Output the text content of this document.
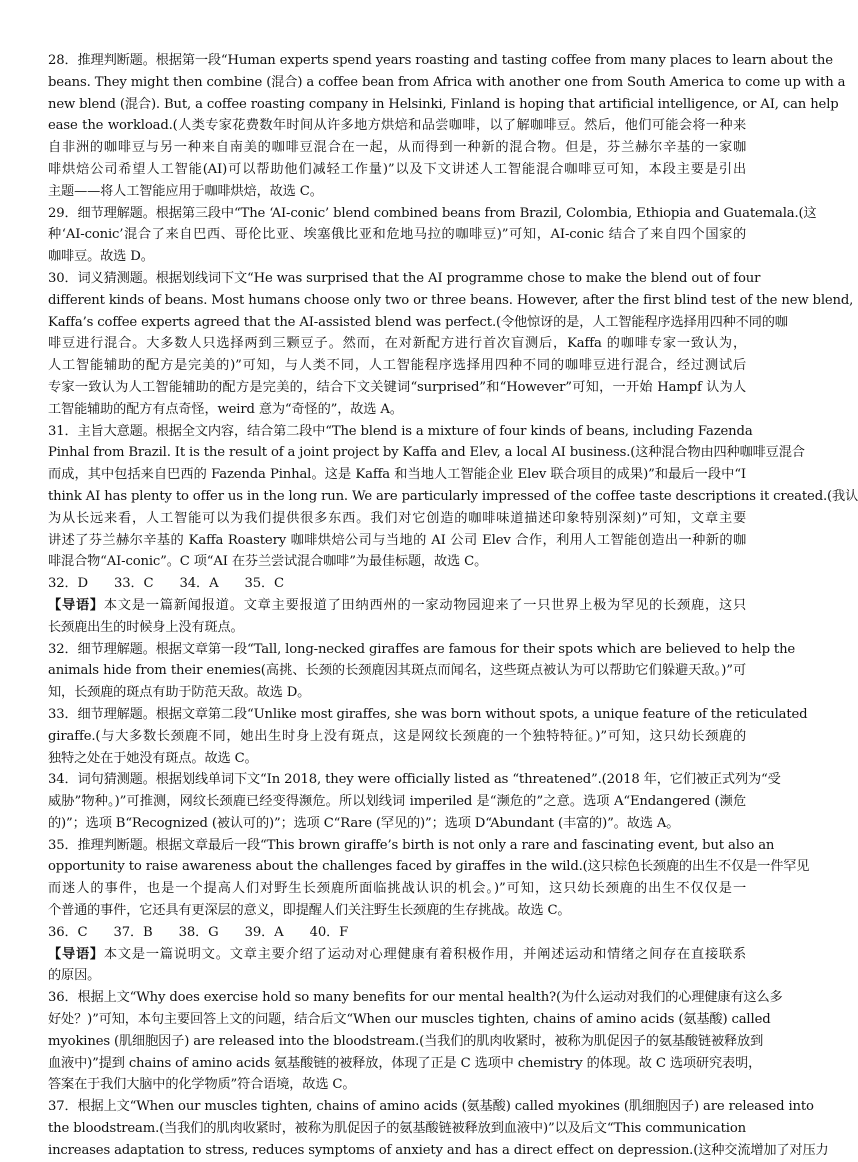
28．推理判断题。根据第一段“Human experts spend years roasting and tasting coffee from many places to learn about the
beans. They might then combine (混合) a coffee bean from Africa with another one from South America to come up with a
new blend (混合). But, a coffee roasting company in Helsinki, Finland is hoping that artificial intelligence, or AI, can help
ease the workload.(人类专家花费数年时间从许多地方烘焙和品尝咖啡，以了解咖啡豆。然后，他们可能会将一种来
自非洲的咖啡豆与另一种来自南美的咖啡豆混合在一起，从而得到一种新的混合物。但是，芬兰赫尔辛基的一家咖
啡烘焙公司希望人工智能(AI)可以帮助他们减轻工作量)”以及下文讲述人工智能混合咖啡豆可知，本段主要是引出
主题——将人工智能应用于咖啡烘焙，故选 C。
29．细节理解题。根据第三段中“The ‘AI-conic’ blend combined beans from Brazil, Colombia, Ethiopia and Guatemala.(这
种‘AI-conic’混合了来自巴西、哥伦比亚、埃塞俄比亚和危地马拉的咖啡豆)”可知，AI-conic 结合了来自四个国家的
咖啡豆。故选 D。
30．词义猜测题。根据划线词下文“He was surprised that the AI programme chose to make the blend out of four
different kinds of beans. Most humans choose only two or three beans. However, after the first blind test of the new blend,
Kaffa’s coffee experts agreed that the AI-assisted blend was perfect.(令他惊讶的是，人工智能程序选择用四种不同的咖
啡豆进行混合。大多数人只选择两到三颗豆子。然而，在对新配方进行首次盲测后，Kaffa 的咖啡专家一致认为，
人工智能辅助的配方是完美的)”可知，与人类不同，人工智能程序选择用四种不同的咖啡豆进行混合，经过测试后
专家一致认为人工智能辅助的配方是完美的，结合下文关键词“surprised”和“However”可知，一开始 Hampf 认为人
工智能辅助的配方有点奇怪，weird 意为“奇怪的”，故选 A。
31．主旨大意题。根据全文内容，结合第二段中“The blend is a mixture of four kinds of beans, including Fazenda
Pinhal from Brazil. It is the result of a joint project by Kaffa and Elev, a local AI business.(这种混合物由四种咖啡豆混合
而成，其中包括来自巴西的 Fazenda Pinhal。这是 Kaffa 和当地人工智能企业 Elev 联合项目的成果)”和最后一段中“I
think AI has plenty to offer us in the long run. We are particularly impressed of the coffee taste descriptions it created.(我认
为从长远来看，人工智能可以为我们提供很多东西。我们对它创造的咖啡味道描述印象特别深刻)”可知，文章主要
讲述了芬兰赫尔辛基的 Kaffa Roastery 咖啡烘焙公司与当地的 AI 公司 Elev 合作，利用人工智能创造出一种新的咖
啡混合物“AI-conic”。C 项“AI 在芬兰尝试混合咖啡”为最佳标题，故选 C。
32．D　　33．C　　34．A　　35．C
【导语】本文是一篇新闻报道。文章主要报道了田纳西州的一家动物园迎来了一只世界上极为罕见的长颈鹿，这只
长颈鹿出生的时候身上没有斑点。
32．细节理解题。根据文章第一段“Tall, long-necked giraffes are famous for their spots which are believed to help the
animals hide from their enemies(高挑、长颈的长颈鹿因其斑点而闻名，这些斑点被认为可以帮助它们躲避天敌。)”可
知，长颈鹿的斑点有助于防范天敌。故选 D。
33．细节理解题。根据文章第二段“Unlike most giraffes, she was born without spots, a unique feature of the reticulated
giraffe.(与大多数长颈鹿不同，她出生时身上没有斑点，这是网纹长颈鹿的一个独特特征。)”可知，这只幼长颈鹿的
独特之处在于她没有斑点。故选 C。
34．词句猜测题。根据划线单词下文“In 2018, they were officially listed as “threatened”.(2018 年，它们被正式列为“受
威胁”物种。)”可推测，网纹长颈鹿已经变得濒危。所以划线词 imperiled 是“濒危的”之意。选项 A“Endangered (濒危
的)”；选项 B“Recognized (被认可的)”；选项 C“Rare (罕见的)”；选项 D“Abundant (丰富的)”。故选 A。
35．推理判断题。根据文章最后一段“This brown giraffe’s birth is not only a rare and fascinating event, but also an
opportunity to raise awareness about the challenges faced by giraffes in the wild.(这只棕色长颈鹿的出生不仅是一件罕见
而迷人的事件，也是一个提高人们对野生长颈鹿所面临挑战认识的机会。)”可知，这只幼长颈鹿的出生不仅仅是一
个普通的事件，它还具有更深层的意义，即提醒人们关注野生长颈鹿的生存挑战。故选 C。
36．C　　37．B　　38．G　　39．A　　40．F
【导语】本文是一篇说明文。文章主要介绍了运动对心理健康有着积极作用，并阐述运动和情绪之间存在直接联系
的原因。
36．根据上文“Why does exercise hold so many benefits for our mental health?(为什么运动对我们的心理健康有这么多
好处？)”可知，本句主要回答上文的问题，结合后文“When our muscles tighten, chains of amino acids (氨基酸) called
myokines (肌细胞因子) are released into the bloodstream.(当我们的肌肉收紧时，被称为肌促因子的氨基酸链被释放到
血液中)”提到 chains of amino acids 氨基酸链的被释放，体现了正是 C 选项中 chemistry 的体现。故 C 选项研究表明，
答案在于我们大脑中的化学物质”符合语境，故选 C。
37．根据上文“When our muscles tighten, chains of amino acids (氨基酸) called myokines (肌细胞因子) are released into
the bloodstream.(当我们的肌肉收紧时，被称为肌促因子的氨基酸链被释放到血液中)”以及后文“This communication
increases adaptation to stress, reduces symptoms of anxiety and has a direct effect on depression.(这种交流增加了对压力
